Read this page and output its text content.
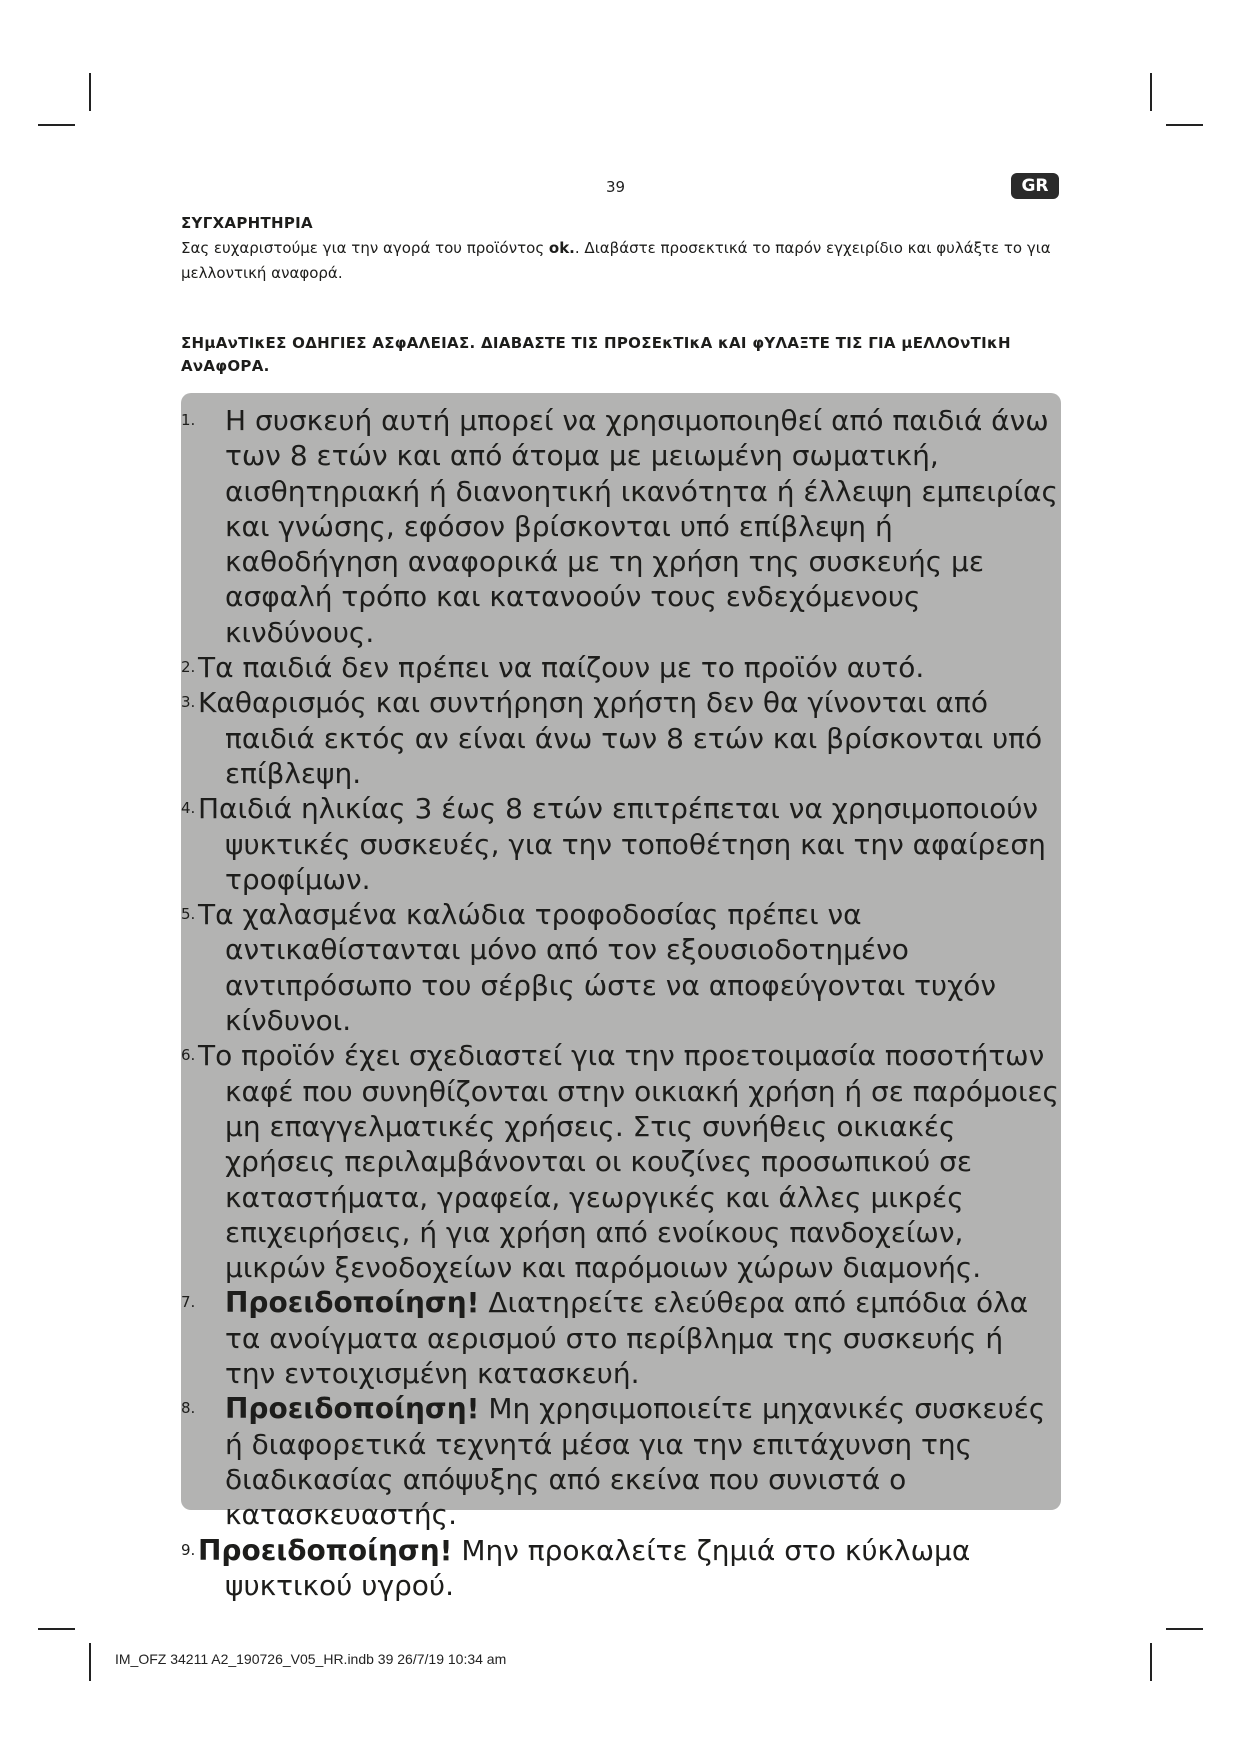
39	GR
ΣΥΓΧΑΡΗΤΗΡΙΑ
Σας ευχαριστούμε για την αγορά του προϊόντος ok.. Διαβάστε προσεκτικά το παρόν εγχειρίδιο και φυλάξτε το για μελλοντική αναφορά.
ΣΗμΑνΤΙκΕΣ ΟΔΗΓΙΕΣ ΑΣφΑΛΕΙΑΣ. ΔΙΑΒΑΣΤΕ ΤΙΣ ΠΡΟΣΕκΤΙκΑ κΑΙ φΥΛΑΞΤΕ ΤΙΣ ΓΙΑ μΕΛΛΟνΤΙκΗ ΑνΑφΟΡΑ.
1. Η συσκευή αυτή μπορεί να χρησιμοποιηθεί από παιδιά άνω των 8 ετών και από άτομα με μειωμένη σωματική, αισθητηριακή ή διανοητική ικανότητα ή έλλειψη εμπειρίας και γνώσης, εφόσον βρίσκονται υπό επίβλεψη ή καθοδήγηση αναφορικά με τη χρήση της συσκευής με ασφαλή τρόπο και κατανοούν τους ενδεχόμενους κινδύνους.
2. Τα παιδιά δεν πρέπει να παίζουν με το προϊόν αυτό.
3. Καθαρισμός και συντήρηση χρήστη δεν θα γίνονται από παιδιά εκτός αν είναι άνω των 8 ετών και βρίσκονται υπό επίβλεψη.
4. Παιδιά ηλικίας 3 έως 8 ετών επιτρέπεται να χρησιμοποιούν ψυκτικές συσκευές, για την τοποθέτηση και την αφαίρεση τροφίμων.
5. Τα χαλασμένα καλώδια τροφοδοσίας πρέπει να αντικαθίστανται μόνο από τον εξουσιοδοτημένο αντιπρόσωπο του σέρβις ώστε να αποφεύγονται τυχόν κίνδυνοι.
6. Το προϊόν έχει σχεδιαστεί για την προετοιμασία ποσοτήτων καφέ που συνηθίζονται στην οικιακή χρήση ή σε παρόμοιες μη επαγγελματικές χρήσεις. Στις συνήθεις οικιακές χρήσεις περιλαμβάνονται οι κουζίνες προσωπικού σε καταστήματα, γραφεία, γεωργικές και άλλες μικρές επιχειρήσεις, ή για χρήση από ενοίκους πανδοχείων, μικρών ξενοδοχείων και παρόμοιων χώρων διαμονής.
7. Προειδοποίηση! Διατηρείτε ελεύθερα από εμπόδια όλα τα ανοίγματα αερισμού στο περίβλημα της συσκευής ή την εντοιχισμένη κατασκευή.
8. Προειδοποίηση! Μη χρησιμοποιείτε μηχανικές συσκευές ή διαφορετικά τεχνητά μέσα για την επιτάχυνση της διαδικασίας απόψυξης από εκείνα που συνιστά ο κατασκευαστής.
9. Προειδοποίηση! Μην προκαλείτε ζημιά στο κύκλωμα ψυκτικού υγρού.
IM_OFZ 34211 A2_190726_V05_HR.indb 39 26/7/19 10:34 am
